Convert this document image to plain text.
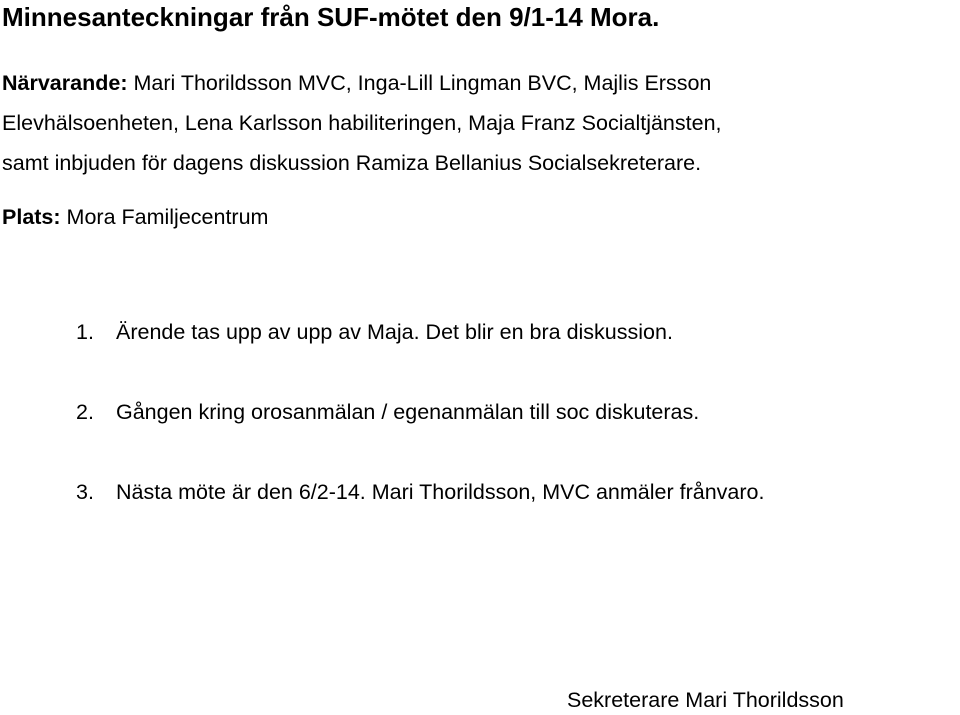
Minnesanteckningar från SUF-mötet den 9/1-14 Mora.
Närvarande: Mari Thorildsson MVC, Inga-Lill Lingman BVC, Majlis Ersson
Elevhälsoenheten, Lena Karlsson habiliteringen, Maja Franz Socialtjänsten,
samt inbjuden för dagens diskussion Ramiza Bellanius Socialsekreterare.
Plats: Mora Familjecentrum
1. Ärende tas upp av upp av Maja. Det blir en bra diskussion.
2. Gången kring orosanmälan / egenanmälan till soc diskuteras.
3. Nästa möte är den 6/2-14. Mari Thorildsson, MVC anmäler frånvaro.
Sekreterare Mari Thorildsson
